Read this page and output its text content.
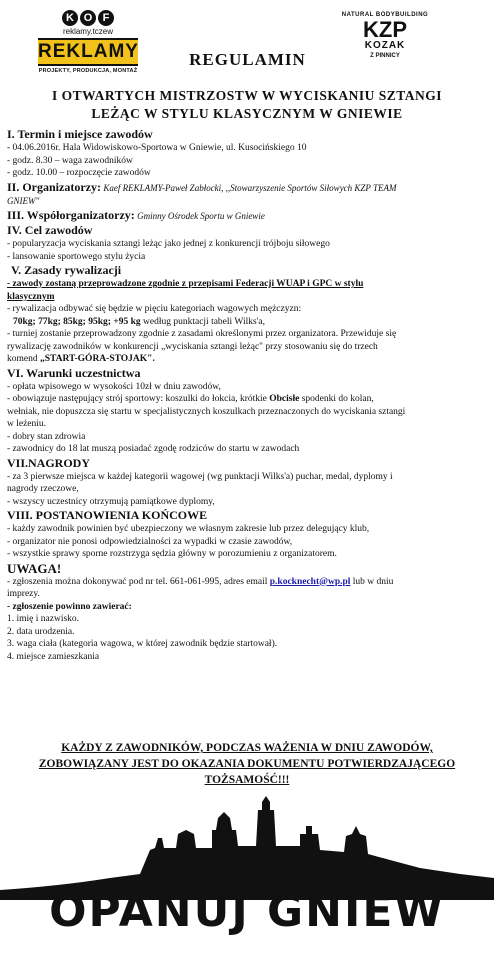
K O F
reklamy.tczew
REKLAMY
PROJEKTY, PRODUKCJA, MONTAŻ
REGULAMIN
NATURAL BODYBUILDING
KZP
KOZAK
Z PINNICY
I OTWARTYCH MISTRZOSTW W WYCISKANIU SZTANGI
LEŻĄC W STYLU KLASYCZNYM W GNIEWIE
I. Termin i miejsce zawodów
- 04.06.2016r. Hala Widowiskowo-Sportowa w Gniewie, ul. Kusocińskiego 10
- godz. 8.30 – waga zawodników
- godz. 10.00 – rozpoczęcie zawodów
II. Organizatorzy: Kaef REKLAMY-Paweł Zabłocki, ,,Stowarzyszenie Sportów Siłowych KZP TEAM
GNIEW"
III. Współorganizatorzy: Gminny Ośrodek Sportu w Gniewie
IV. Cel zawodów
- popularyzacja wyciskania sztangi leżąc jako jednej z konkurencji trójboju siłowego
- lansowanie sportowego stylu życia
V. Zasady rywalizacji
- zawody zostaną przeprowadzone zgodnie z przepisami Federacji WUAP i GPC w stylu
klasycznym
- rywalizacja odbywać się będzie w pięciu kategoriach wagowych mężczyzn:
70kg; 77kg; 85kg; 95kg; +95 kg według punktacji tabeli Wilks'a,
- turniej zostanie przeprowadzony zgodnie z zasadami określonymi przez organizatora. Przewiduje się
rywalizację zawodników w konkurencji „wyciskania sztangi leżąc" przy stosowaniu się do trzech
komend „START-GÓRA-STOJAK".
VI. Warunki uczestnictwa
- opłata wpisowego w wysokości 10zł w dniu zawodów,
- obowiązuje następujący strój sportowy: koszulki do łokcia, krótkie Obcisłe spodenki do kolan,
wełniak, nie dopuszcza się startu w specjalistycznych koszulkach przeznaczonych do wyciskania sztangi
w leżeniu.
- dobry stan zdrowia
- zawodnicy do 18 lat muszą posiadać zgodę rodziców do startu w zawodach
VII.NAGRODY
- za 3 pierwsze miejsca w każdej kategorii wagowej (wg punktacji Wilks'a) puchar, medal, dyplomy i
nagrody rzeczowe,
- wszyscy uczestnicy otrzymują pamiątkowe dyplomy,
VIII. POSTANOWIENIA KOŃCOWE
- każdy zawodnik powinien być ubezpieczony we własnym zakresie lub przez delegujący klub,
- organizator nie ponosi odpowiedzialności za wypadki w czasie zawodów,
- wszystkie sprawy sporne rozstrzyga sędzia główny w porozumieniu z organizatorem.
UWAGA!
- zgłoszenia można dokonywać pod nr tel. 661-061-995, adres email p.kocknecht@wp.pl lub w dniu
imprezy.
- zgłoszenie powinno zawierać:
1. imię i nazwisko.
2. data urodzenia.
3. waga ciała (kategoria wagowa, w której zawodnik będzie startował).
4. miejsce zamieszkania
KAŻDY Z ZAWODNIKÓW, PODCZAS WAŻENIA W DNIU ZAWODÓW,
ZOBOWIĄZANY JEST DO OKAZANIA DOKUMENTU POTWIERDZAJĄCEGO
TOŻSAMOŚĆ!!!
OPANUJ GNIEW
